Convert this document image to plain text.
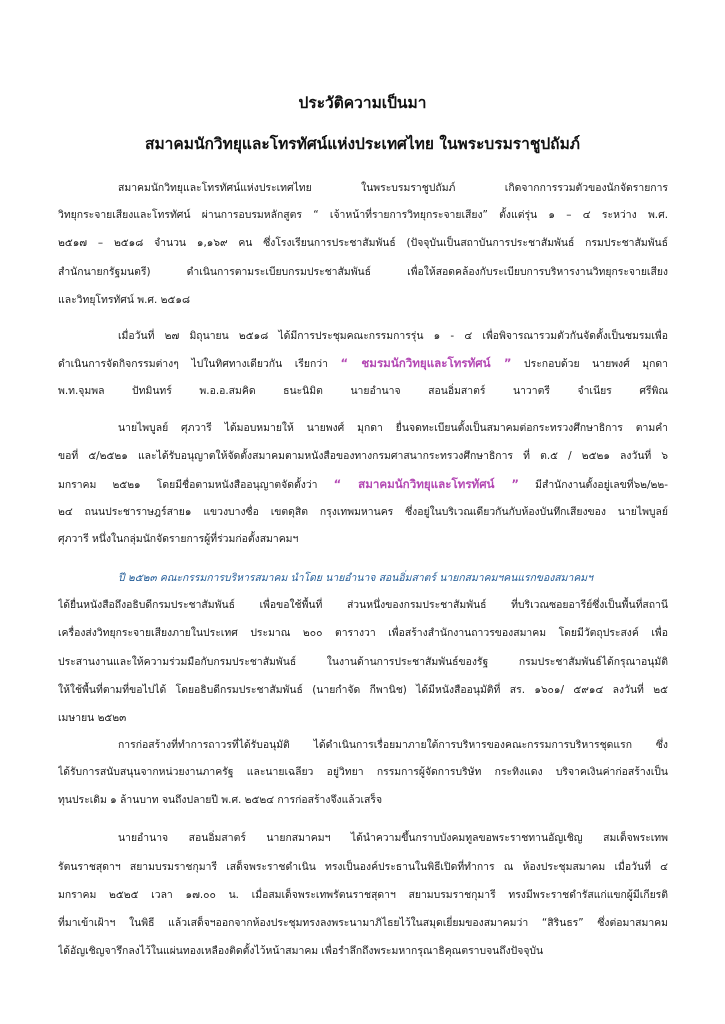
ประวัติความเป็นมา
สมาคมนักวิทยุและโทรทัศน์แห่งประเทศไทย ในพระบรมราชูปถัมภ์
สมาคมนักวิทยุและโทรทัศน์แห่งประเทศไทย ในพระบรมราชูปถัมภ์ เกิดจากการรวมตัวของนักจัดรายการ
วิทยุกระจายเสียงและโทรทัศน์ ผ่านการอบรมหลักสูตร “ เจ้าหน้าที่รายการวิทยุกระจายเสียง” ตั้งแต่รุ่น ๑ – ๔ ระหว่าง พ.ศ.
๒๕๑๗ – ๒๕๑๘ จำนวน ๑,๑๖๙ คน ซึ่งโรงเรียนการประชาสัมพันธ์ (ปัจจุบันเป็นสถาบันการประชาสัมพันธ์ กรมประชาสัมพันธ์
สำนักนายกรัฐมนตรี) ดำเนินการตามระเบียบกรมประชาสัมพันธ์ เพื่อให้สอดคล้องกับระเบียบการบริหารงานวิทยุกระจายเสียง
และวิทยุโทรทัศน์ พ.ศ. ๒๕๑๘
เมื่อวันที่ ๒๗ มิถุนายน ๒๕๑๘ ได้มีการประชุมคณะกรรมการรุ่น ๑ - ๔ เพื่อพิจารณารวมตัวกันจัดตั้งเป็นชมรมเพื่อ
ดำเนินการจัดกิจกรรมต่างๆ ไปในทิศทางเดียวกัน เรียกว่า “ ชมรมนักวิทยุและโทรทัศน์ ” ประกอบด้วย นายพงศ์ มุกดา
พ.ท.จุมพล ปัทมินทร์ พ.อ.อ.สมคิด ธนะนิมิต นายอำนาจ สอนอิ่มสาตร์ นาวาตรี จำเนียร ศรีพิณ
นายไพบูลย์ ศุภวารี ได้มอบหมายให้ นายพงศ์ มุกดา ยื่นจดทะเบียนตั้งเป็นสมาคมต่อกระทรวงศึกษาธิการ ตามคำ
ขอที่ ๕/๒๕๒๑ และได้รับอนุญาตให้จัดตั้งสมาคมตามหนังสือของทางกรมศาสนากระทรวงศึกษาธิการ ที่ ต.๕ / ๒๕๒๑ ลงวันที่ ๖
มกราคม ๒๕๒๑ โดยมีชื่อตามหนังสืออนุญาตจัดตั้งว่า “ สมาคมนักวิทยุและโทรทัศน์ ” มีสำนักงานตั้งอยู่เลขที่๖๒/๒๒-
๒๔ ถนนประชาราษฎร์สาย๑ แขวงบางซื่อ เขตดุสิต กรุงเทพมหานคร ซึ่งอยู่ในบริเวณเดียวกันกับห้องบันทึกเสียงของ นายไพบูลย์
ศุภวารี หนึ่งในกลุ่มนักจัดรายการผู้ที่ร่วมก่อตั้งสมาคมฯ
ปี ๒๕๒๓ คณะกรรมการบริหารสมาคม นำโดย นายอำนาจ สอนอิ่มสาตร์ นายกสมาคมฯคนแรกของสมาคมฯ
ได้ยื่นหนังสือถึงอธิบดีกรมประชาสัมพันธ์ เพื่อขอใช้พื้นที่ ส่วนหนึ่งของกรมประชาสัมพันธ์ ที่บริเวณซอยอารีย์ซึ่งเป็นพื้นที่สถานี
เครื่องส่งวิทยุกระจายเสียงภายในประเทศ ประมาณ ๒๐๐ ตารางวา เพื่อสร้างสำนักงานถาวรของสมาคม โดยมีวัตถุประสงค์ เพื่อ
ประสานงานและให้ความร่วมมือกับกรมประชาสัมพันธ์ ในงานด้านการประชาสัมพันธ์ของรัฐ กรมประชาสัมพันธ์ได้กรุณาอนุมัติ
ให้ใช้พื้นที่ตามที่ขอไปได้ โดยอธิบดีกรมประชาสัมพันธ์ (นายกำจัด กีพานิช) ได้มีหนังสืออนุมัติที่ สร. ๑๖๐๑/ ๕๙๑๔ ลงวันที่ ๒๕
เมษายน ๒๕๒๓
การก่อสร้างที่ทำการถาวรที่ได้รับอนุมัติ ได้ดำเนินการเรื่อยมาภายใต้การบริหารของคณะกรรมการบริหารชุดแรก ซึ่ง
ได้รับการสนับสนุนจากหน่วยงานภาครัฐ และนายเฉลียว อยู่วิทยา กรรมการผู้จัดการบริษัท กระทิงแดง บริจาคเงินค่าก่อสร้างเป็น
ทุนประเดิม ๑ ล้านบาท จนถึงปลายปี พ.ศ. ๒๕๒๔ การก่อสร้างจึงแล้วเสร็จ
นายอำนาจ สอนอิ่มสาตร์ นายกสมาคมฯ ได้นำความขึ้นกราบบังคมทูลขอพระราชทานอัญเชิญ สมเด็จพระเทพ
รัตนราชสุดาฯ สยามบรมราชกุมารี เสด็จพระราชดำเนิน ทรงเป็นองค์ประธานในพิธีเปิดที่ทำการ ณ ห้องประชุมสมาคม เมื่อวันที่ ๔
มกราคม ๒๕๒๕ เวลา ๑๗.๐๐ น. เมื่อสมเด็จพระเทพรัตนราชสุดาฯ สยามบรมราชกุมารี ทรงมีพระราชดำรัสแก่แขกผู้มีเกียรติ
ที่มาเข้าเฝ้าฯ ในพิธี แล้วเสด็จฯออกจากห้องประชุมทรงลงพระนามาภิไธยไว้ในสมุดเยี่ยมของสมาคมว่า “สิรินธร” ซึ่งต่อมาสมาคม
ได้อัญเชิญจารึกลงไว้ในแผ่นทองเหลืองติดตั้งไว้หน้าสมาคม เพื่อรำลึกถึงพระมหากรุณาธิคุณตราบจนถึงปัจจุบัน
